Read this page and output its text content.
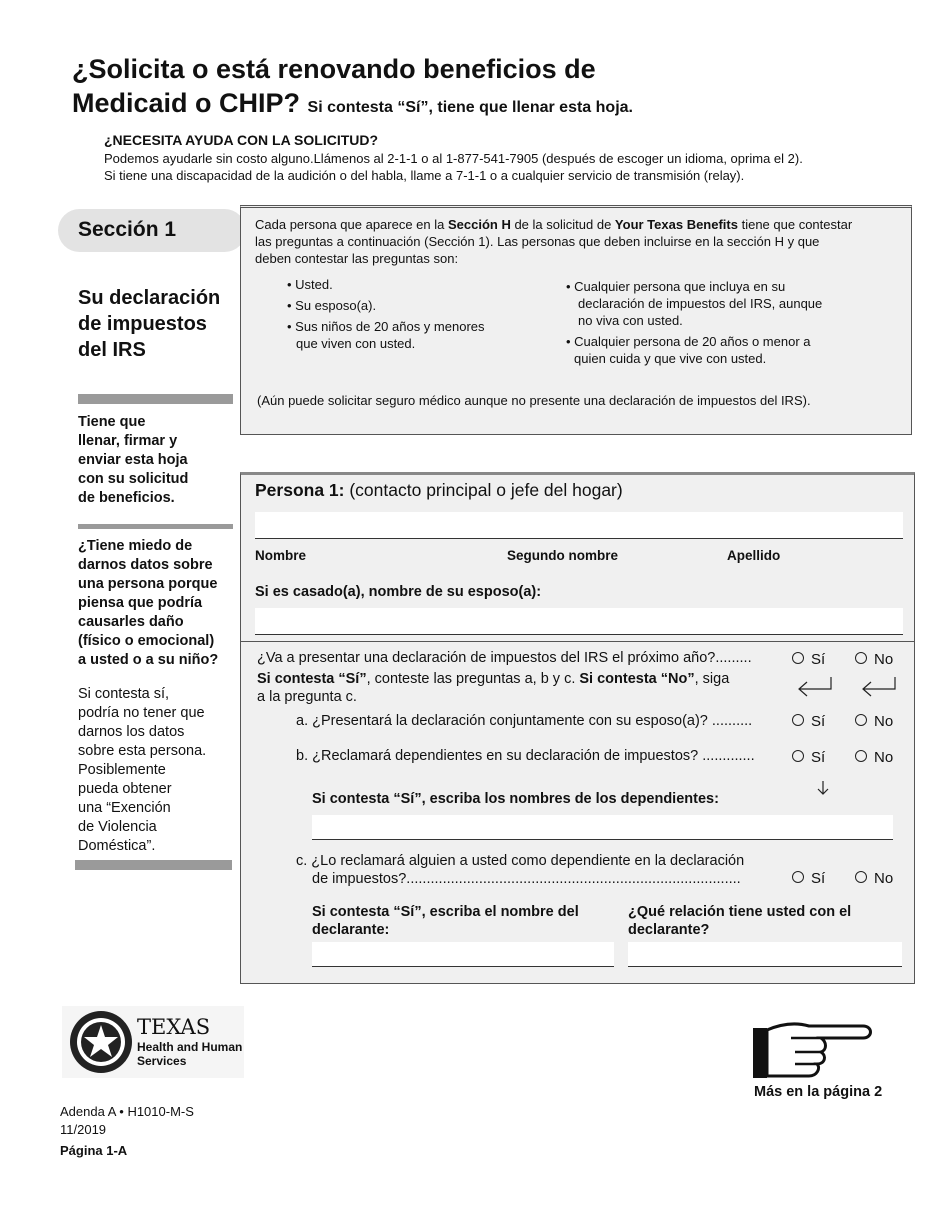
¿Solicita o está renovando beneficios de
Medicaid o CHIP? Si contesta “Sí”, tiene que llenar esta hoja.
¿NECESITA AYUDA CON LA SOLICITUD?
Podemos ayudarle sin costo alguno.Llámenos al 2-1-1 o al 1-877-541-7905 (después de escoger un idioma, oprima el 2).
Si tiene una discapacidad de la audición o del habla, llame a 7-1-1 o a cualquier servicio de transmisión (relay).
Sección 1
Su declaración
de impuestos
del IRS
Tiene que
llenar, firmar y
enviar esta hoja
con su solicitud
de beneficios.
¿Tiene miedo de
darnos datos sobre
una persona porque
piensa que podría
causarles daño
(físico o emocional)
a usted o a su niño?
Si contesta sí,
podría no tener que
darnos los datos
sobre esta persona.
Posiblemente
pueda obtener
una “Exención
de Violencia
Doméstica”.
Cada persona que aparece en la Sección H de la solicitud de Your Texas Benefits tiene que contestar
las preguntas a continuación (Sección 1). Las personas que deben incluirse en la sección H y que
deben contestar las preguntas son:
• Usted.
• Su esposo(a).
• Sus niños de 20 años y menores
que viven con usted.
• Cualquier persona que incluya en su
declaración de impuestos del IRS, aunque
no viva con usted.
• Cualquier persona de 20 años o menor a
quien cuida y que vive con usted.
(Aún puede solicitar seguro médico aunque no presente una declaración de impuestos del IRS).
Persona 1: (contacto principal o jefe del hogar)
Nombre	Segundo nombre	Apellido
Si es casado(a), nombre de su esposo(a):
¿Va a presentar una declaración de impuestos del IRS el próximo año?.........	Sí	No
Si contesta “Sí”, conteste las preguntas a, b y c. Si contesta “No”, siga
a la pregunta c.
a. ¿Presentará la declaración conjuntamente con su esposo(a)? ..........	Sí	No
b. ¿Reclamará dependientes en su declaración de impuestos? .............	Sí	No
Si contesta “Sí”, escriba los nombres de los dependientes:
c. ¿Lo reclamará alguien a usted como dependiente en la declaración
de impuestos?...................................................................................	Sí	No
Si contesta “Sí”, escriba el nombre del
declarante:
¿Qué relación tiene usted con el
declarante?
TEXAS
Health and Human
Services
Adenda A • H1010-M-S
11/2019
Página 1-A
Más en la página 2
